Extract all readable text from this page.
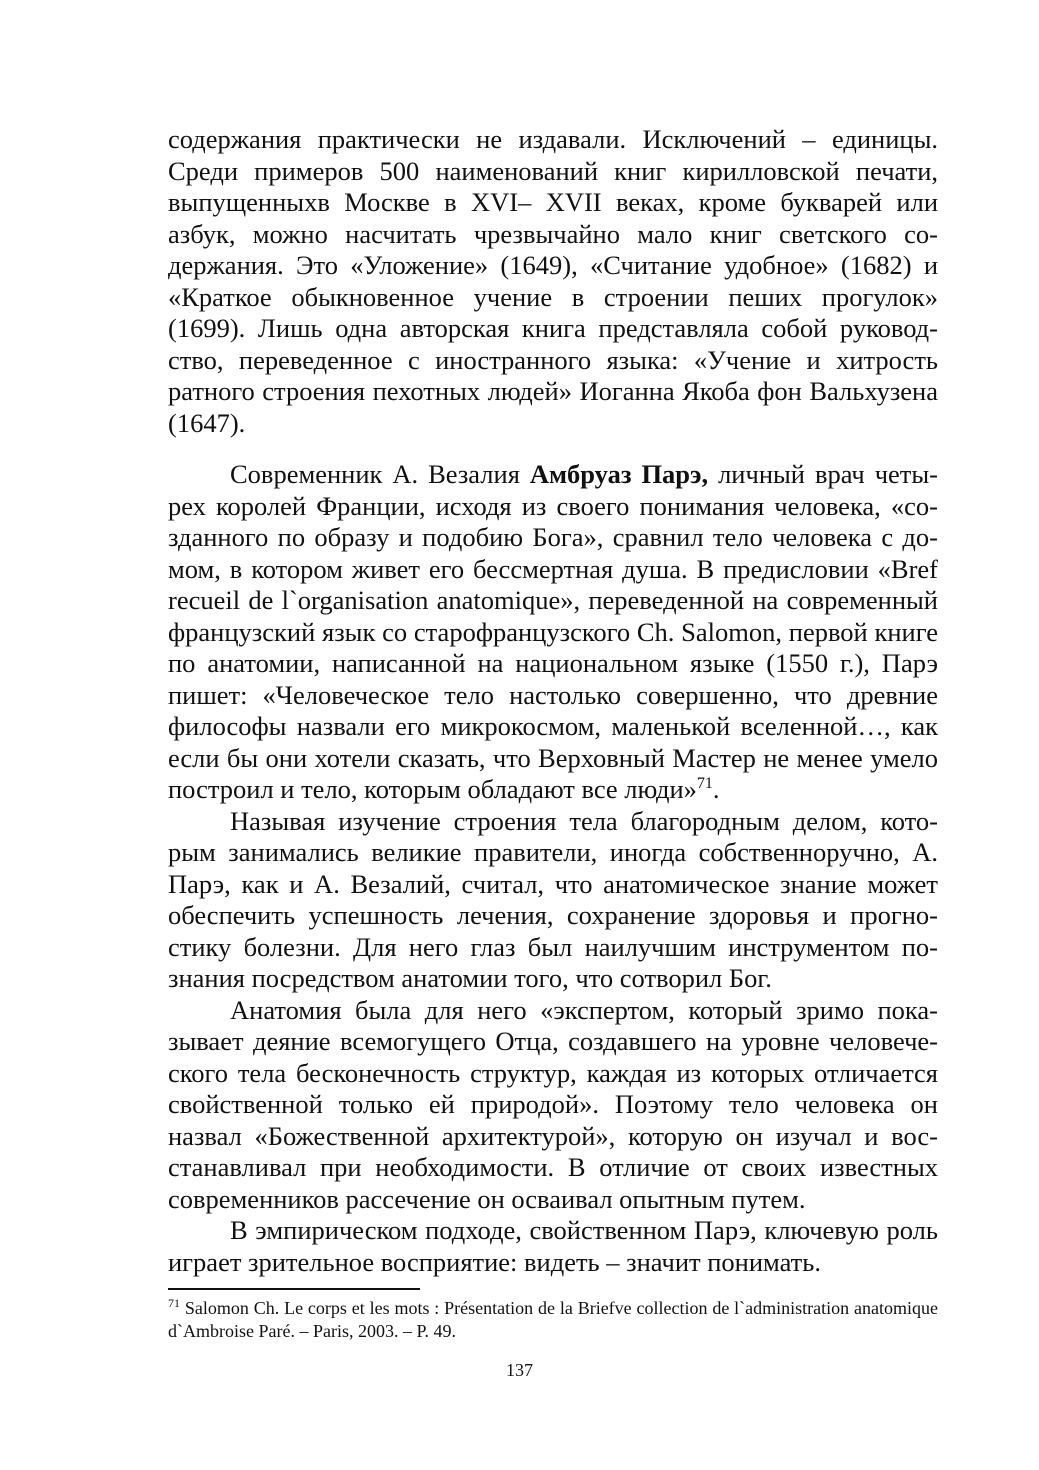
содержания практически не издавали. Исключений – единицы. Среди примеров 500 наименований книг кирилловской печати, выпущенныхв Москве в XVI– XVII веках, кроме букварей или азбук, можно насчитать чрезвычайно мало книг светского содержания. Это «Уложение» (1649), «Считание удобное» (1682) и «Краткое обыкновенное учение в строении пеших прогулок» (1699). Лишь одна авторская книга представляла собой руководство, переведенное с иностранного языка: «Учение и хитрость ратного строения пехотных людей» Иоганна Якоба фон Вальхузена (1647).

Современник А. Везалия Амбруаз Парэ, личный врач четырех королей Франции, исходя из своего понимания человека, «созданного по образу и подобию Бога», сравнил тело человека с домом, в котором живет его бессмертная душа. В предисловии «Bref recueil de l`organisation anatomique», переведенной на современный французский язык со старофранцузского Ch. Salomon, первой книге по анатомии, написанной на национальном языке (1550 г.), Парэ пишет: «Человеческое тело настолько совершенно, что древние философы назвали его микрокосмом, маленькой вселенной…, как если бы они хотели сказать, что Верховный Мастер не менее умело построил и тело, которым обладают все люди»$^{71}$.

Называя изучение строения тела благородным делом, которым занимались великие правители, иногда собственноручно, А. Парэ, как и А. Везалий, считал, что анатомическое знание может обеспечить успешность лечения, сохранение здоровья и прогностику болезни. Для него глаз был наилучшим инструментом познания посредством анатомии того, что сотворил Бог.

Анатомия была для него «экспертом, который зримо показывает деяние всемогущего Отца, создавшего на уровне человеческого тела бесконечность структур, каждая из которых отличается свойственной только ей природой». Поэтому тело человека он назвал «Божественной архитектурой», которую он изучал и восстанавливал при необходимости. В отличие от своих известных современников рассечение он осваивал опытным путем.

В эмпирическом подходе, свойственном Парэ, ключевую роль играет зрительное восприятие: видеть – значит понимать.

$^{71}$ Salomon Ch. Le corps et les mots : Présentation de la Briefve collection de l`administration anatomique d`Ambroise Paré. – Paris, 2003. – P. 49.

137
